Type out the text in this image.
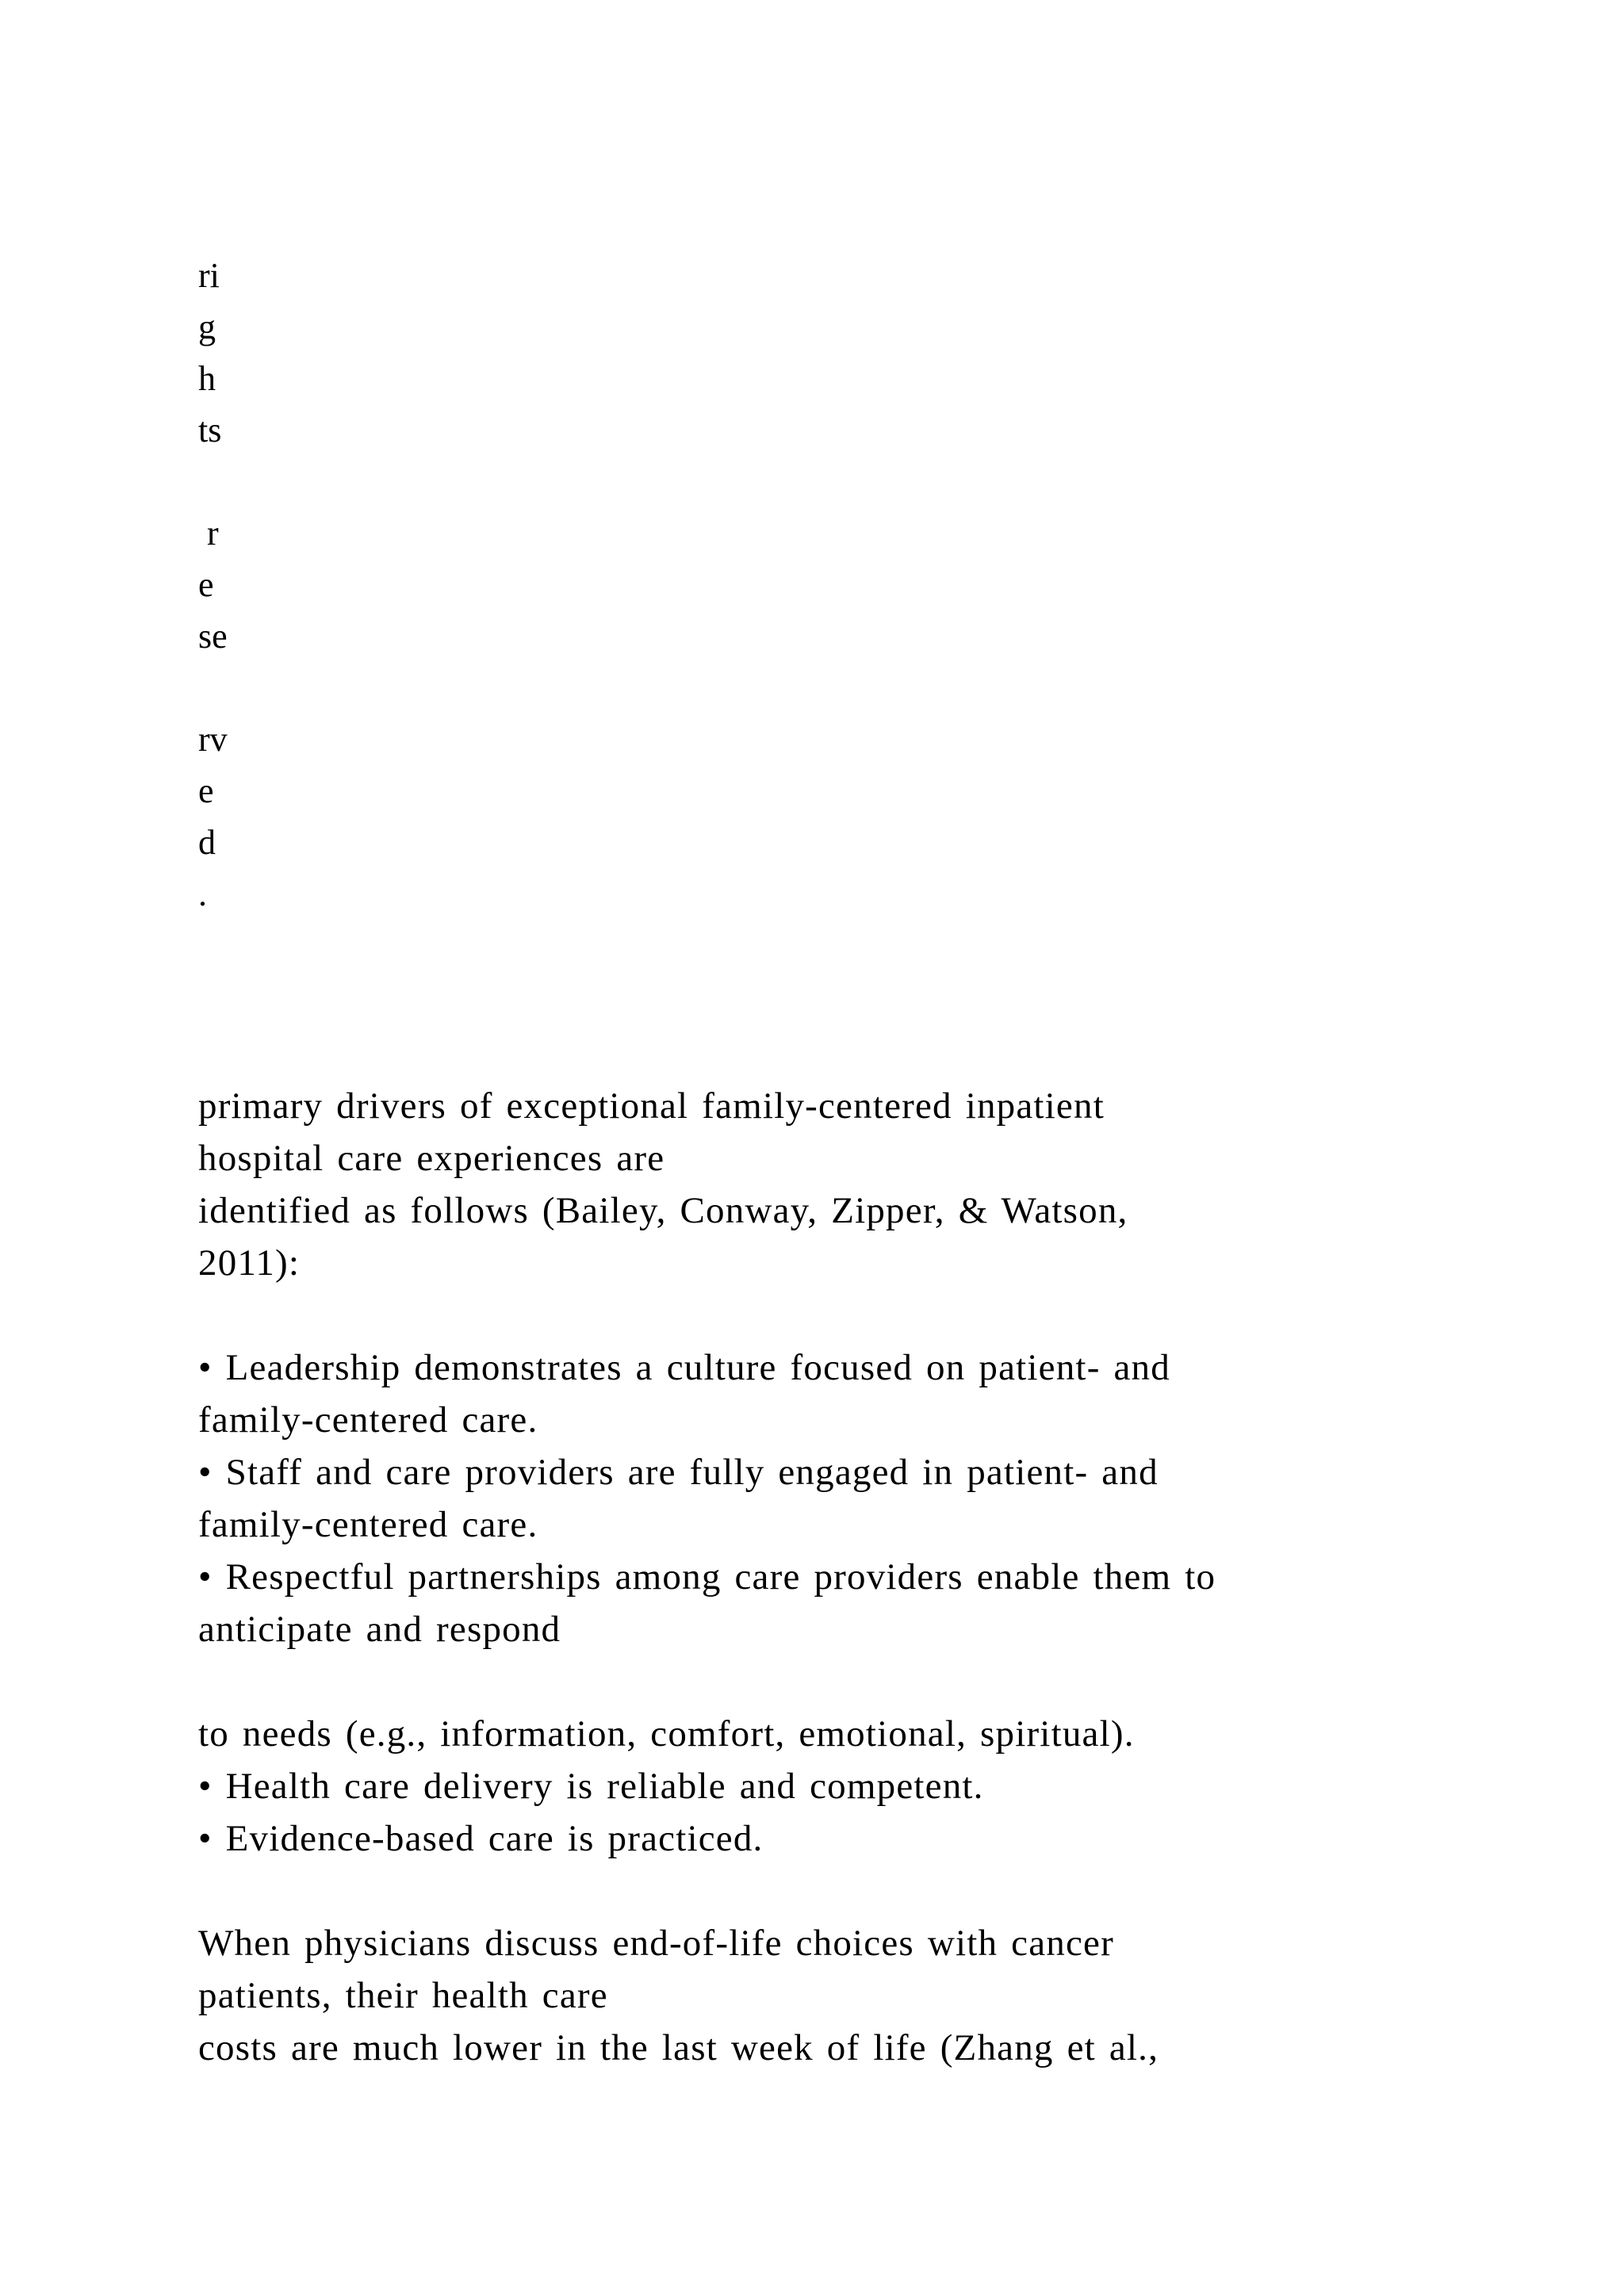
ri
g
h
ts
r
e
se
rv
e
d
.
primary drivers of exceptional family-centered inpatient
hospital care experiences are
identified as follows (Bailey, Conway, Zipper, & Watson,
2011):
• Leadership demonstrates a culture focused on patient- and
family-centered care.
• Staff and care providers are fully engaged in patient- and
family-centered care.
• Respectful partnerships among care providers enable them to
anticipate and respond
to needs (e.g., information, comfort, emotional, spiritual).
• Health care delivery is reliable and competent.
• Evidence-based care is practiced.
When physicians discuss end-of-life choices with cancer
patients, their health care
costs are much lower in the last week of life (Zhang et al.,
